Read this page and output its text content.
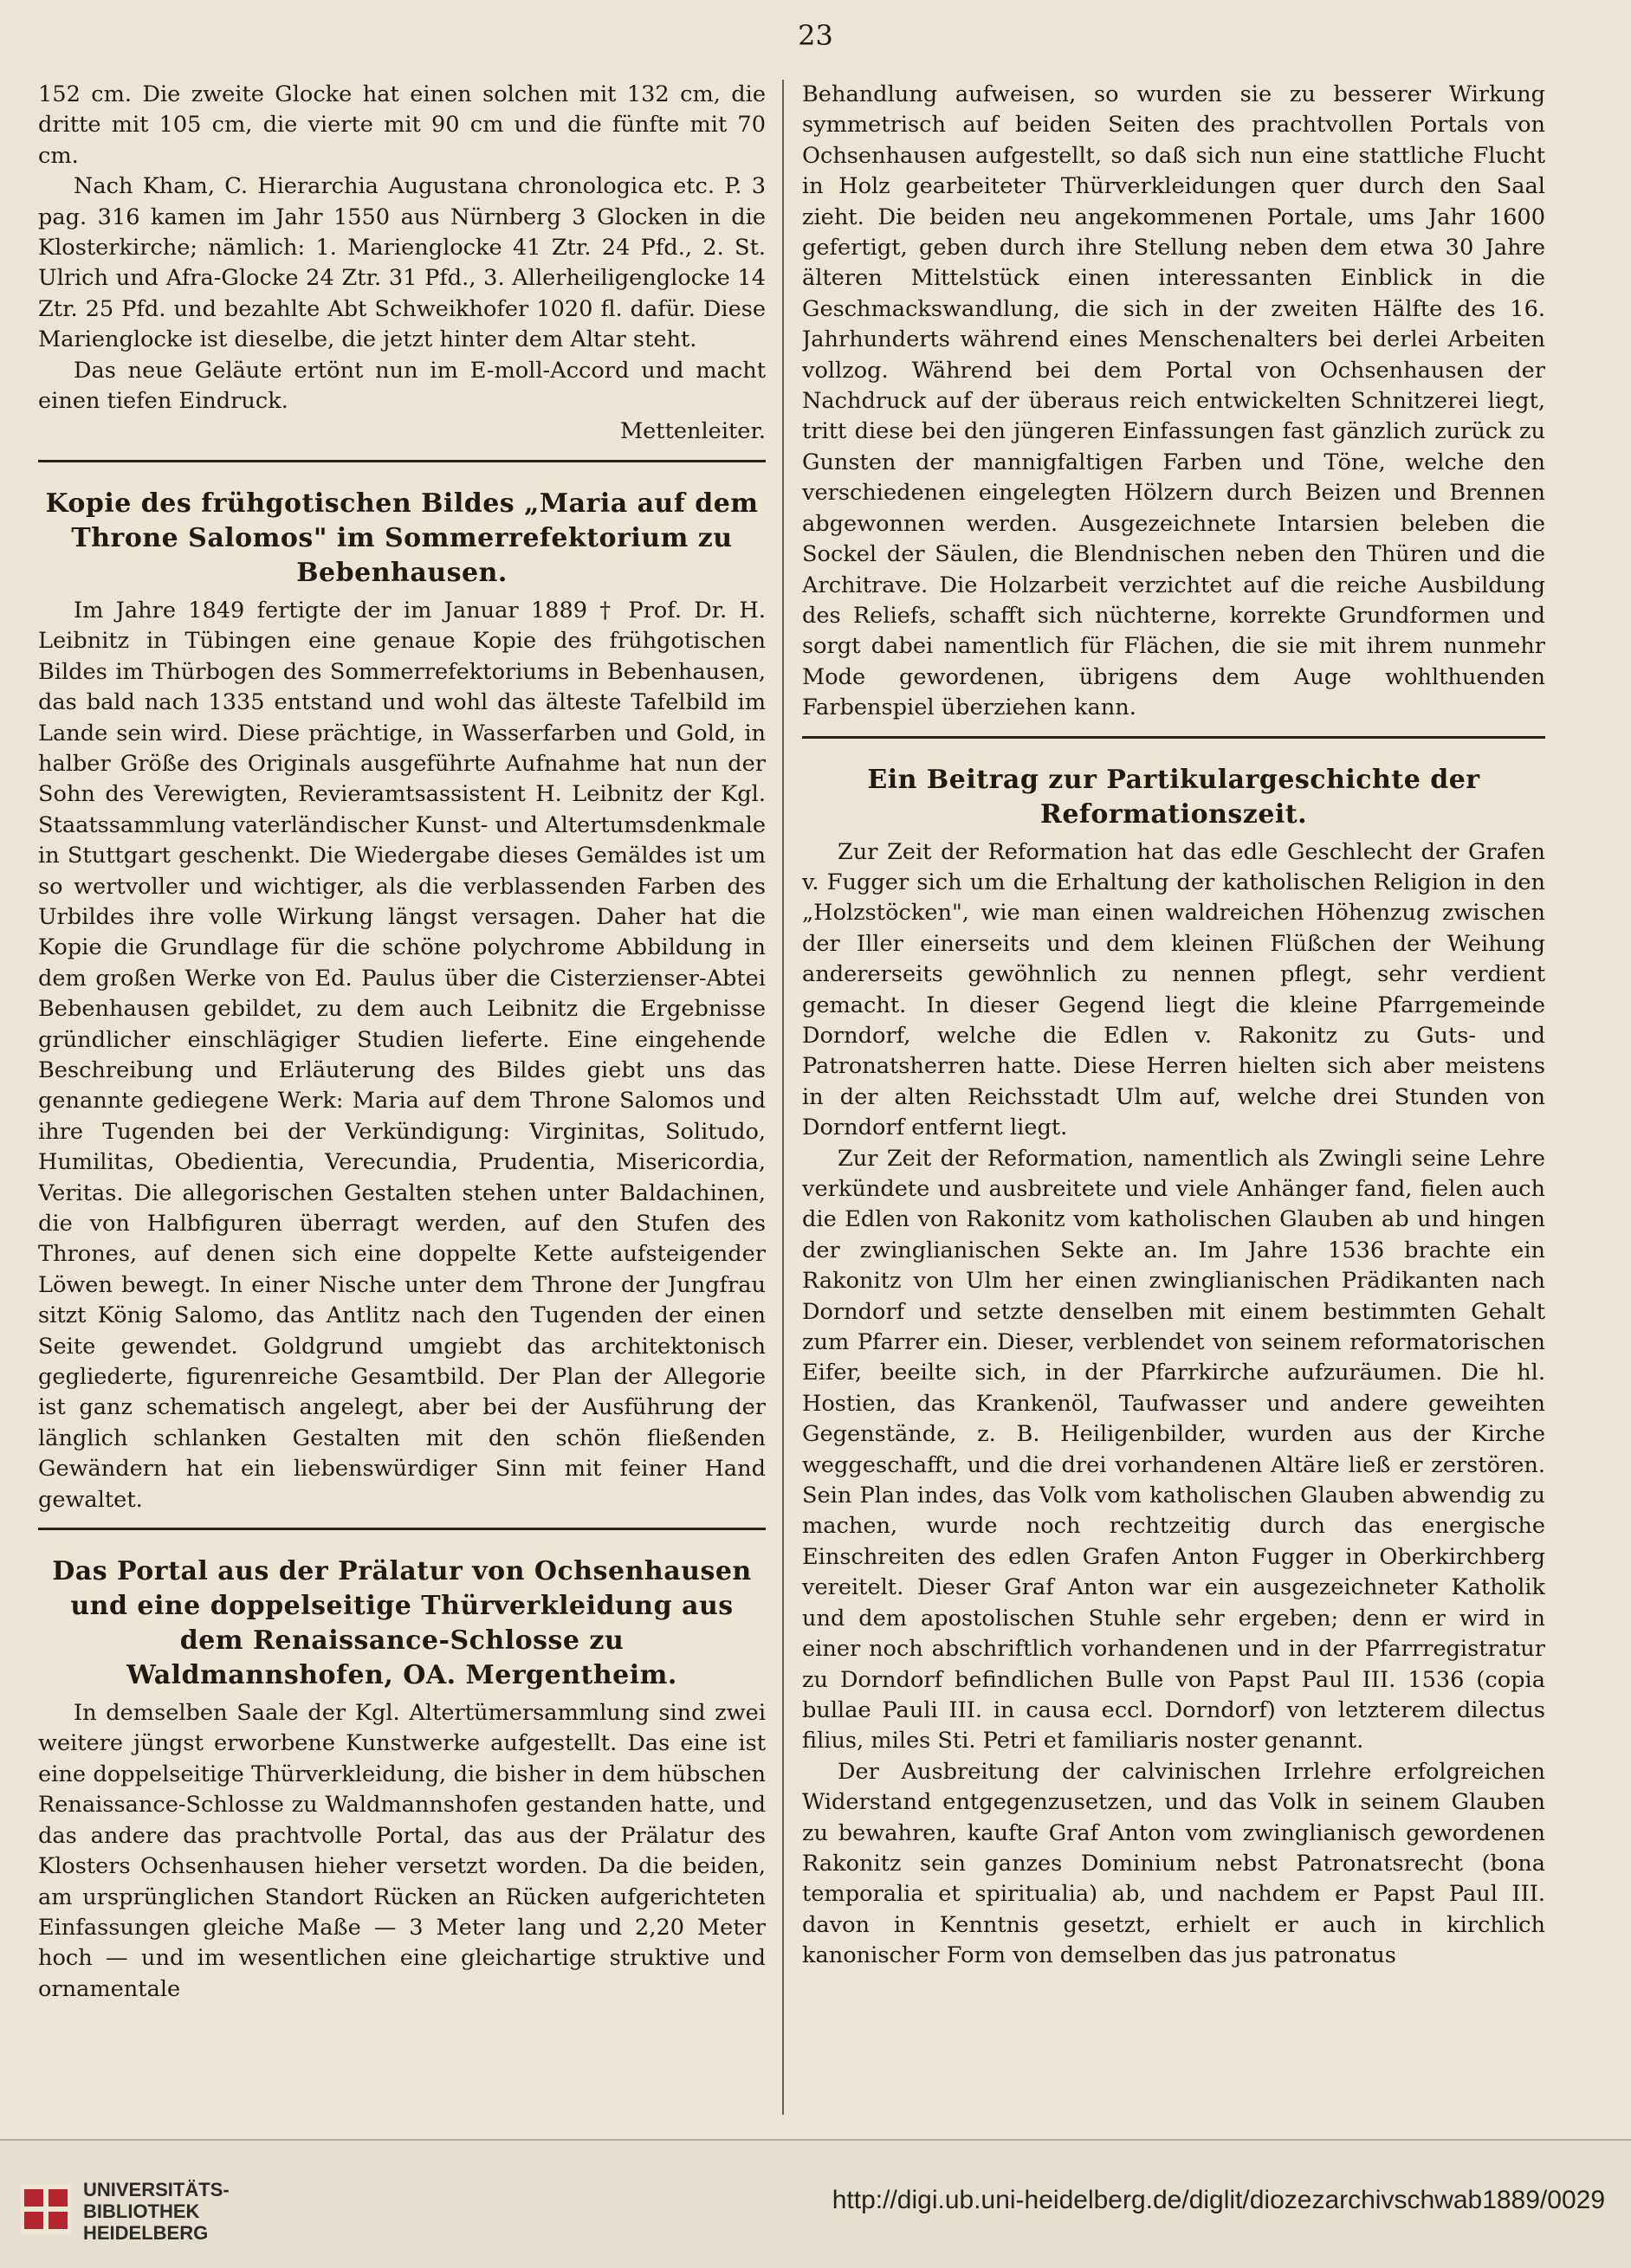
23

152 cm. Die zweite Glocke hat einen solchen mit 132 cm, die dritte mit 105 cm, die vierte mit 90 cm und die fünfte mit 70 cm.

Nach Kham, C. Hierarchia Augustana chronologica etc. P. 3 pag. 316 kamen im Jahr 1550 aus Nürnberg 3 Glocken in die Klosterkirche; nämlich: 1. Marienglocke 41 Ztr. 24 Pfd., 2. St. Ulrich und Afra-Glocke 24 Ztr. 31 Pfd., 3. Allerheiligenglocke 14 Ztr. 25 Pfd. und bezahlte Abt Schweikhofer 1020 fl. dafür. Diese Marienglocke ist dieselbe, die jetzt hinter dem Altar steht.

Das neue Geläute ertönt nun im E-moll-Accord und macht einen tiefen Eindruck.

Mettenleiter.

Kopie des frühgotischen Bildes „Maria auf dem Throne Salomos" im Sommerrefektorium zu Bebenhausen.

Im Jahre 1849 fertigte der im Januar 1889 † Prof. Dr. H. Leibnitz in Tübingen eine genaue Kopie des frühgotischen Bildes im Thürbogen des Sommerrefektoriums in Bebenhausen, das bald nach 1335 entstand und wohl das älteste Tafelbild im Lande sein wird. Diese prächtige, in Wasserfarben und Gold, in halber Größe des Originals ausgeführte Aufnahme hat nun der Sohn des Verewigten, Revieramtsassistent H. Leibnitz der Kgl. Staatssammlung vaterländischer Kunst- und Altertumsdenkmale in Stuttgart geschenkt. Die Wiedergabe dieses Gemäldes ist um so wertvoller und wichtiger, als die verblassenden Farben des Urbildes ihre volle Wirkung längst versagen. Daher hat die Kopie die Grundlage für die schöne polychrome Abbildung in dem großen Werke von Ed. Paulus über die Cisterzienser-Abtei Bebenhausen gebildet, zu dem auch Leibnitz die Ergebnisse gründlicher einschlägiger Studien lieferte. Eine eingehende Beschreibung und Erläuterung des Bildes giebt uns das genannte gediegene Werk: Maria auf dem Throne Salomos und ihre Tugenden bei der Verkündigung: Virginitas, Solitudo, Humilitas, Obedientia, Verecundia, Prudentia, Misericordia, Veritas. Die allegorischen Gestalten stehen unter Baldachinen, die von Halbfiguren überragt werden, auf den Stufen des Thrones, auf denen sich eine doppelte Kette aufsteigender Löwen bewegt. In einer Nische unter dem Throne der Jungfrau sitzt König Salomo, das Antlitz nach den Tugenden der einen Seite gewendet. Goldgrund umgiebt das architektonisch gegliederte, figurenreiche Gesamtbild. Der Plan der Allegorie ist ganz schematisch angelegt, aber bei der Ausführung der länglich schlanken Gestalten mit den schön fließenden Gewändern hat ein liebenswürdiger Sinn mit feiner Hand gewaltet.

Das Portal aus der Prälatur von Ochsenhausen und eine doppelseitige Thürverkleidung aus dem Renaissance-Schlosse zu Waldmannshofen, OA. Mergentheim.

In demselben Saale der Kgl. Altertümersammlung sind zwei weitere jüngst erworbene Kunstwerke aufgestellt. Das eine ist eine doppelseitige Thürverkleidung, die bisher in dem hübschen Renaissance-Schlosse zu Waldmannshofen gestanden hatte, und das andere das prachtvolle Portal, das aus der Prälatur des Klosters Ochsenhausen hieher versetzt worden. Da die beiden, am ursprünglichen Standort Rücken an Rücken aufgerichteten Einfassungen gleiche Maße — 3 Meter lang und 2,20 Meter hoch — und im wesentlichen eine gleichartige struktive und ornamentale

Behandlung aufweisen, so wurden sie zu besserer Wirkung symmetrisch auf beiden Seiten des prachtvollen Portals von Ochsenhausen aufgestellt, so daß sich nun eine stattliche Flucht in Holz gearbeiteter Thürverkleidungen quer durch den Saal zieht. Die beiden neu angekommenen Portale, ums Jahr 1600 gefertigt, geben durch ihre Stellung neben dem etwa 30 Jahre älteren Mittelstück einen interessanten Einblick in die Geschmackswandlung, die sich in der zweiten Hälfte des 16. Jahrhunderts während eines Menschenalters bei derlei Arbeiten vollzog. Während bei dem Portal von Ochsenhausen der Nachdruck auf der überaus reich entwickelten Schnitzerei liegt, tritt diese bei den jüngeren Einfassungen fast gänzlich zurück zu Gunsten der mannigfaltigen Farben und Töne, welche den verschiedenen eingelegten Hölzern durch Beizen und Brennen abgewonnen werden. Ausgezeichnete Intarsien beleben die Sockel der Säulen, die Blendnischen neben den Thüren und die Architrave. Die Holzarbeit verzichtet auf die reiche Ausbildung des Reliefs, schafft sich nüchterne, korrekte Grundformen und sorgt dabei namentlich für Flächen, die sie mit ihrem nunmehr Mode gewordenen, übrigens dem Auge wohlthuenden Farbenspiel überziehen kann.

Ein Beitrag zur Partikulargeschichte der Reformationszeit.

Zur Zeit der Reformation hat das edle Geschlecht der Grafen v. Fugger sich um die Erhaltung der katholischen Religion in den „Holzstöcken", wie man einen waldreichen Höhenzug zwischen der Iller einerseits und dem kleinen Flüßchen der Weihung andererseits gewöhnlich zu nennen pflegt, sehr verdient gemacht. In dieser Gegend liegt die kleine Pfarrgemeinde Dorndorf, welche die Edlen v. Rakonitz zu Guts- und Patronatsherren hatte. Diese Herren hielten sich aber meistens in der alten Reichsstadt Ulm auf, welche drei Stunden von Dorndorf entfernt liegt.

Zur Zeit der Reformation, namentlich als Zwingli seine Lehre verkündete und ausbreitete und viele Anhänger fand, fielen auch die Edlen von Rakonitz vom katholischen Glauben ab und hingen der zwinglianischen Sekte an. Im Jahre 1536 brachte ein Rakonitz von Ulm her einen zwinglianischen Prädikanten nach Dorndorf und setzte denselben mit einem bestimmten Gehalt zum Pfarrer ein. Dieser, verblendet von seinem reformatorischen Eifer, beeilte sich, in der Pfarrkirche aufzuräumen. Die hl. Hostien, das Krankenöl, Taufwasser und andere geweihten Gegenstände, z. B. Heiligenbilder, wurden aus der Kirche weggeschafft, und die drei vorhandenen Altäre ließ er zerstören. Sein Plan indes, das Volk vom katholischen Glauben abwendig zu machen, wurde noch rechtzeitig durch das energische Einschreiten des edlen Grafen Anton Fugger in Oberkirchberg vereitelt. Dieser Graf Anton war ein ausgezeichneter Katholik und dem apostolischen Stuhle sehr ergeben; denn er wird in einer noch abschriftlich vorhandenen und in der Pfarrregistratur zu Dorndorf befindlichen Bulle von Papst Paul III. 1536 (copia bullae Pauli III. in causa eccl. Dorndorf) von letzterem dilectus filius, miles Sti. Petri et familiaris noster genannt.

Der Ausbreitung der calvinischen Irrlehre erfolgreichen Widerstand entgegenzusetzen, und das Volk in seinem Glauben zu bewahren, kaufte Graf Anton vom zwinglianisch gewordenen Rakonitz sein ganzes Dominium nebst Patronatsrecht (bona temporalia et spiritualia) ab, und nachdem er Papst Paul III. davon in Kenntnis gesetzt, erhielt er auch in kirchlich kanonischer Form von demselben das jus patronatus

UNIVERSITÄTS-
BIBLIOTHEK
HEIDELBERG
http://digi.ub.uni-heidelberg.de/diglit/diozezarchivschwab1889/0029
